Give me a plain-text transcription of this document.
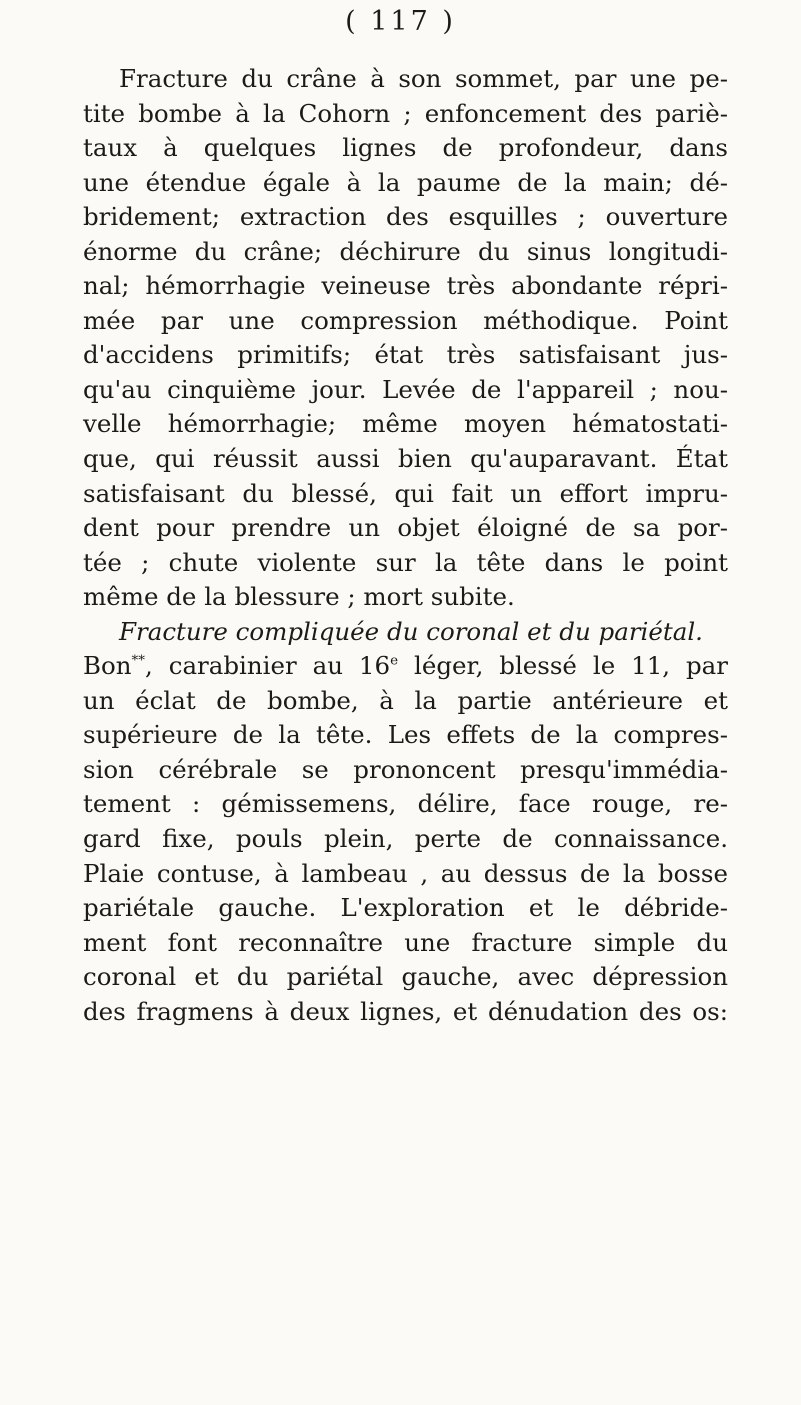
( 117 )
Fracture du crâne à son sommet, par une pe-
tite bombe à la Cohorn ; enfoncement des pariè-
taux à quelques lignes de profondeur, dans
une étendue égale à la paume de la main; dé-
bridement; extraction des esquilles ; ouverture
énorme du crâne; déchirure du sinus longitudi-
nal; hémorrhagie veineuse très abondante répri-
mée par une compression méthodique. Point
d'accidens primitifs; état très satisfaisant jus-
qu'au cinquième jour. Levée de l'appareil ; nou-
velle hémorrhagie; même moyen hématostati-
que, qui réussit aussi bien qu'auparavant. État
satisfaisant du blessé, qui fait un effort impru-
dent pour prendre un objet éloigné de sa por-
tée ; chute violente sur la tête dans le point
même de la blessure ; mort subite.
Fracture compliquée du coronal et du pariétal.
Bon**, carabinier au 16e léger, blessé le 11, par
un éclat de bombe, à la partie antérieure et
supérieure de la tête. Les effets de la compres-
sion cérébrale se prononcent presqu'immédia-
tement : gémissemens, délire, face rouge, re-
gard fixe, pouls plein, perte de connaissance.
Plaie contuse, à lambeau , au dessus de la bosse
pariétale gauche. L'exploration et le débride-
ment font reconnaître une fracture simple du
coronal et du pariétal gauche, avec dépression
des fragmens à deux lignes, et dénudation des os:
